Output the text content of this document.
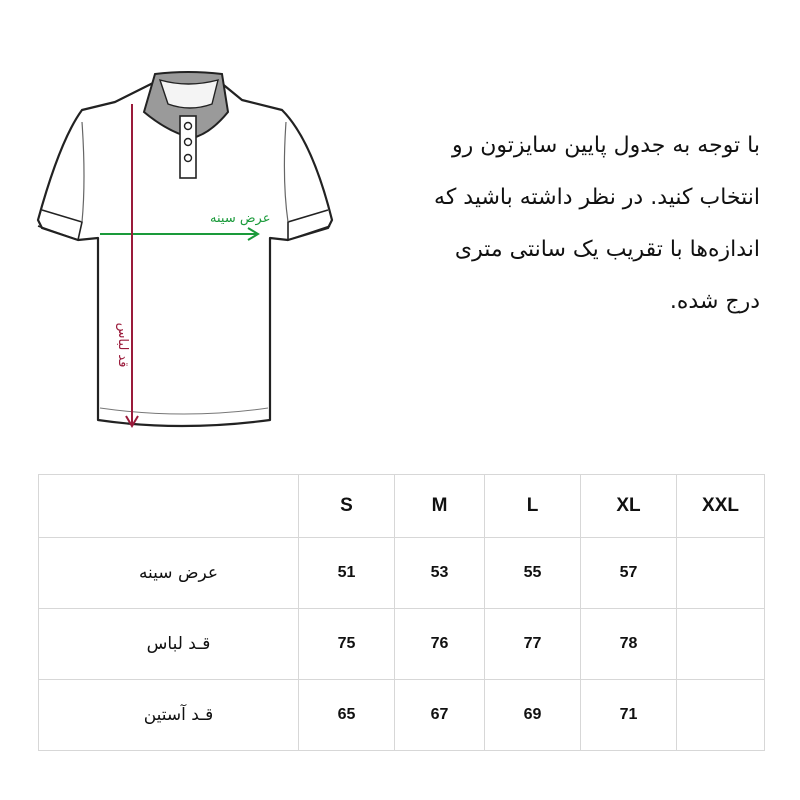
عرض سینه
قد لباس
با توجه به جدول پایین سایزتون رو
انتخاب کنید. در نظر داشته باشید که
اندازه‌ها با تقریب یک سانتی متری
درج شده.
	S	M	L	XL	XXL
عرض سینه	51	53	55	57	
قـد لباس	75	76	77	78	
قـد آستین	65	67	69	71	
